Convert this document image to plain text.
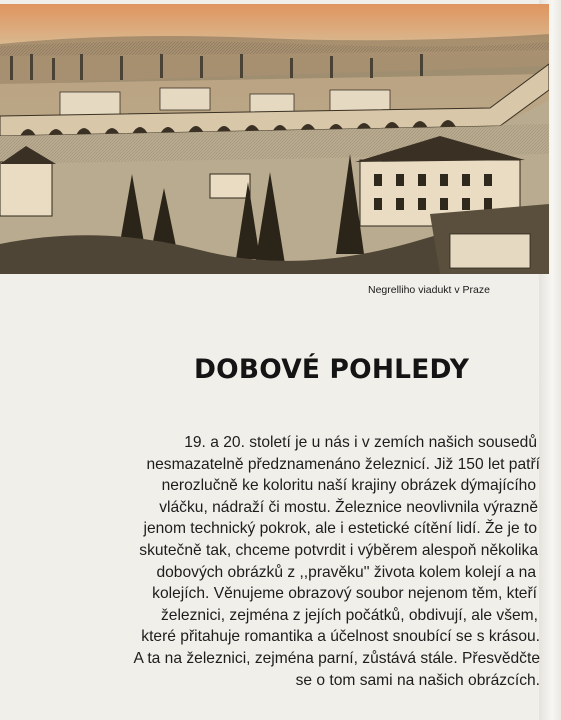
Negrelliho viadukt v Praze
DOBOVÉ POHLEDY
19. a 20. století je u nás i v zemích našich sousedů
nesmazatelně předznamenáno železnicí. Již 150 let patří
nerozlučně ke koloritu naší krajiny obrázek dýmajícího
vláčku, nádraží či mostu. Železnice neovlivnila výrazně
jenom technický pokrok, ale i estetické cítění lidí. Že je to
skutečně tak, chceme potvrdit i výběrem alespoň několika
dobových obrázků z ,,pravěku'' života kolem kolejí a na
kolejích. Věnujeme obrazový soubor nejenom těm, kteří
železnici, zejména z jejích počátků, obdivují, ale všem,
které přitahuje romantika a účelnost snoubící se s krásou.
A ta na železnici, zejména parní, zůstává stále. Přesvědčte
se o tom sami na našich obrázcích.
